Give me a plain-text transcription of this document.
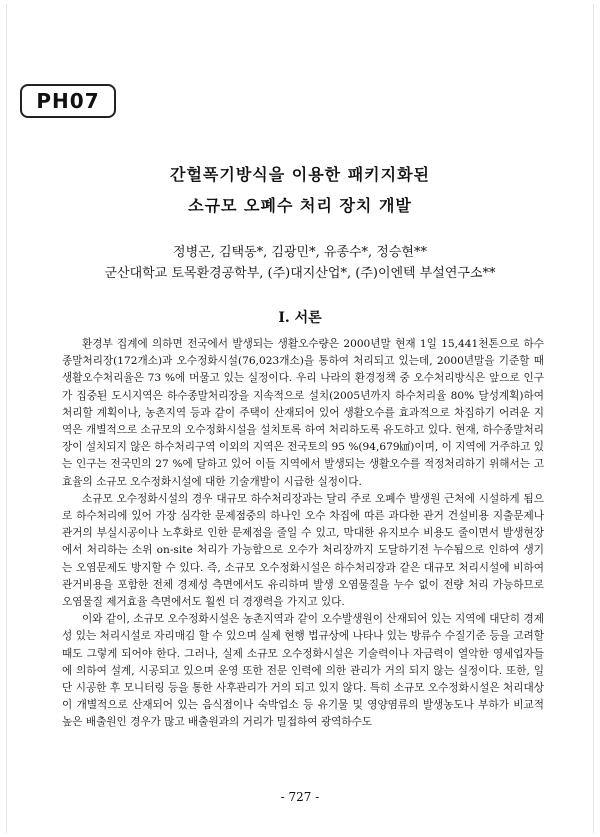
PH07
간헐폭기방식을 이용한 패키지화된
소규모 오폐수 처리 장치 개발
정병곤, 김택동*, 김광민*, 유종수*, 정승현**
군산대학교 토목환경공학부, (주)대지산업*, (주)이엔텍 부설연구소**
I. 서론

환경부 집계에 의하면 전국에서 발생되는 생활오수량은 2000년말 현재 1일 15,441천톤으로 하수종말처리장(172개소)과 오수정화시설(76,023개소)을 통하여 처리되고 있는데, 2000년말을 기준할 때 생활오수처리율은 73 %에 머물고 있는 실정이다. 우리 나라의 환경정책 중 오수처리방식은 앞으로 인구가 집중된 도시지역은 하수종말처리장을 지속적으로 설치(2005년까지 하수처리율 80% 달성계획)하여 처리할 계획이나, 농촌지역 등과 같이 주택이 산재되어 있어 생활오수를 효과적으로 차집하기 어려운 지역은 개별적으로 소규모의 오수정화시설을 설치토록 하여 처리하도록 유도하고 있다. 현재, 하수종말처리장이 설치되지 않은 하수처리구역 이외의 지역은 전국토의 95 %(94,679㎢)이며, 이 지역에 거주하고 있는 인구는 전국민의 27 %에 달하고 있어 이들 지역에서 발생되는 생활오수를 적정처리하기 위해서는 고효율의 소규모 오수정화시설에 대한 기술개발이 시급한 실정이다.

소규모 오수정화시설의 경우 대규모 하수처리장과는 달리 주로 오폐수 발생원 근처에 시설하게 됨으로 하수처리에 있어 가장 심각한 문제점중의 하나인 오수 차집에 따른 과다한 관거 건설비용 지출문제나 관거의 부실시공이나 노후화로 인한 문제점을 줄일 수 있고, 막대한 유지보수 비용도 줄이면서 발생현장에서 처리하는 소위 on-site 처리가 가능함으로 오수가 처리장까지 도달하기전 누수됨으로 인하여 생기는 오염문제도 방지할 수 있다. 즉, 소규모 오수정화시설은 하수처리장과 같은 대규모 처리시설에 비하여 관거비용을 포함한 전체 경제성 측면에서도 유리하며 발생 오염물질을 누수 없이 전량 처리 가능하므로 오염물질 제거효율 측면에서도 훨씬 더 경쟁력을 가지고 있다.

이와 같이, 소규모 오수정화시설은 농촌지역과 같이 오수발생원이 산재되어 있는 지역에 대단히 경제성 있는 처리시설로 자리매김 할 수 있으며 실제 현행 법규상에 나타나 있는 방류수 수질기준 등을 고려할 때도 그렇게 되어야 한다. 그러나, 실제 소규모 오수정화시설은 기술력이나 자금력이 열악한 영세업자들에 의하여 설계, 시공되고 있으며 운영 또한 전문 인력에 의한 관리가 거의 되지 않는 실정이다. 또한, 일단 시공한 후 모니터링 등을 통한 사후관리가 거의 되고 있지 않다. 특히 소규모 오수정화시설은 처리대상이 개별적으로 산재되어 있는 음식점이나 숙박업소 등 유기물 및 영양염류의 발생농도나 부하가 비교적 높은 배출원인 경우가 많고 배출원과의 거리가 밀접하여 광역하수도

- 727 -
